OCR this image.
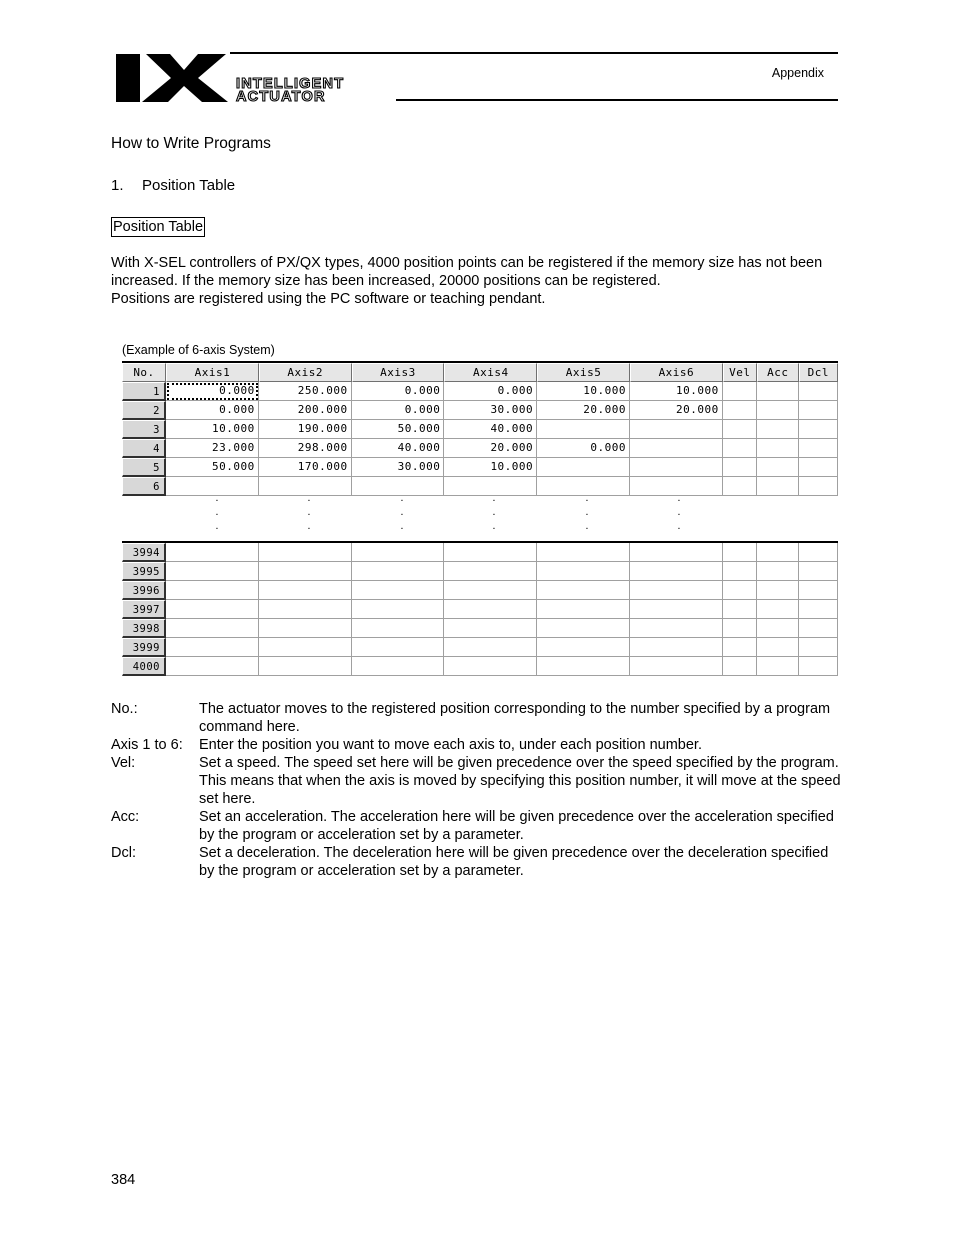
INTELLIGENT
ACTUATOR
Appendix
How to Write Programs
1. Position Table
Position Table

With X-SEL controllers of PX/QX types, 4000 position points can be registered if the memory size has not been increased. If the memory size has been increased, 20000 positions can be registered.

Positions are registered using the PC software or teaching pendant.

(Example of 6-axis System)
No.	Axis1	Axis2	Axis3	Axis4	Axis5	Axis6	Vel	Acc	Dcl
1	0.000	250.000	0.000	0.000	10.000	10.000
2	0.000	200.000	0.000	30.000	20.000	20.000
3	10.000	190.000	50.000	40.000
4	23.000	298.000	40.000	20.000	0.000
5	50.000	170.000	30.000	10.000
6
·
·
·
·
·
·
·
·
·
·
·
·
·
·
·
·
·
·
3994
3995
3996
3997
3998
3999
4000
No.:	The actuator moves to the registered position corresponding to the number specified by a program command here.
Axis 1 to 6:	Enter the position you want to move each axis to, under each position number.
Vel:	Set a speed. The speed set here will be given precedence over the speed specified by the program. This means that when the axis is moved by specifying this position number, it will move at the speed set here.
Acc:	Set an acceleration. The acceleration here will be given precedence over the acceleration specified by the program or acceleration set by a parameter.
Dcl:	Set a deceleration. The deceleration here will be given precedence over the deceleration specified by the program or acceleration set by a parameter.
384
